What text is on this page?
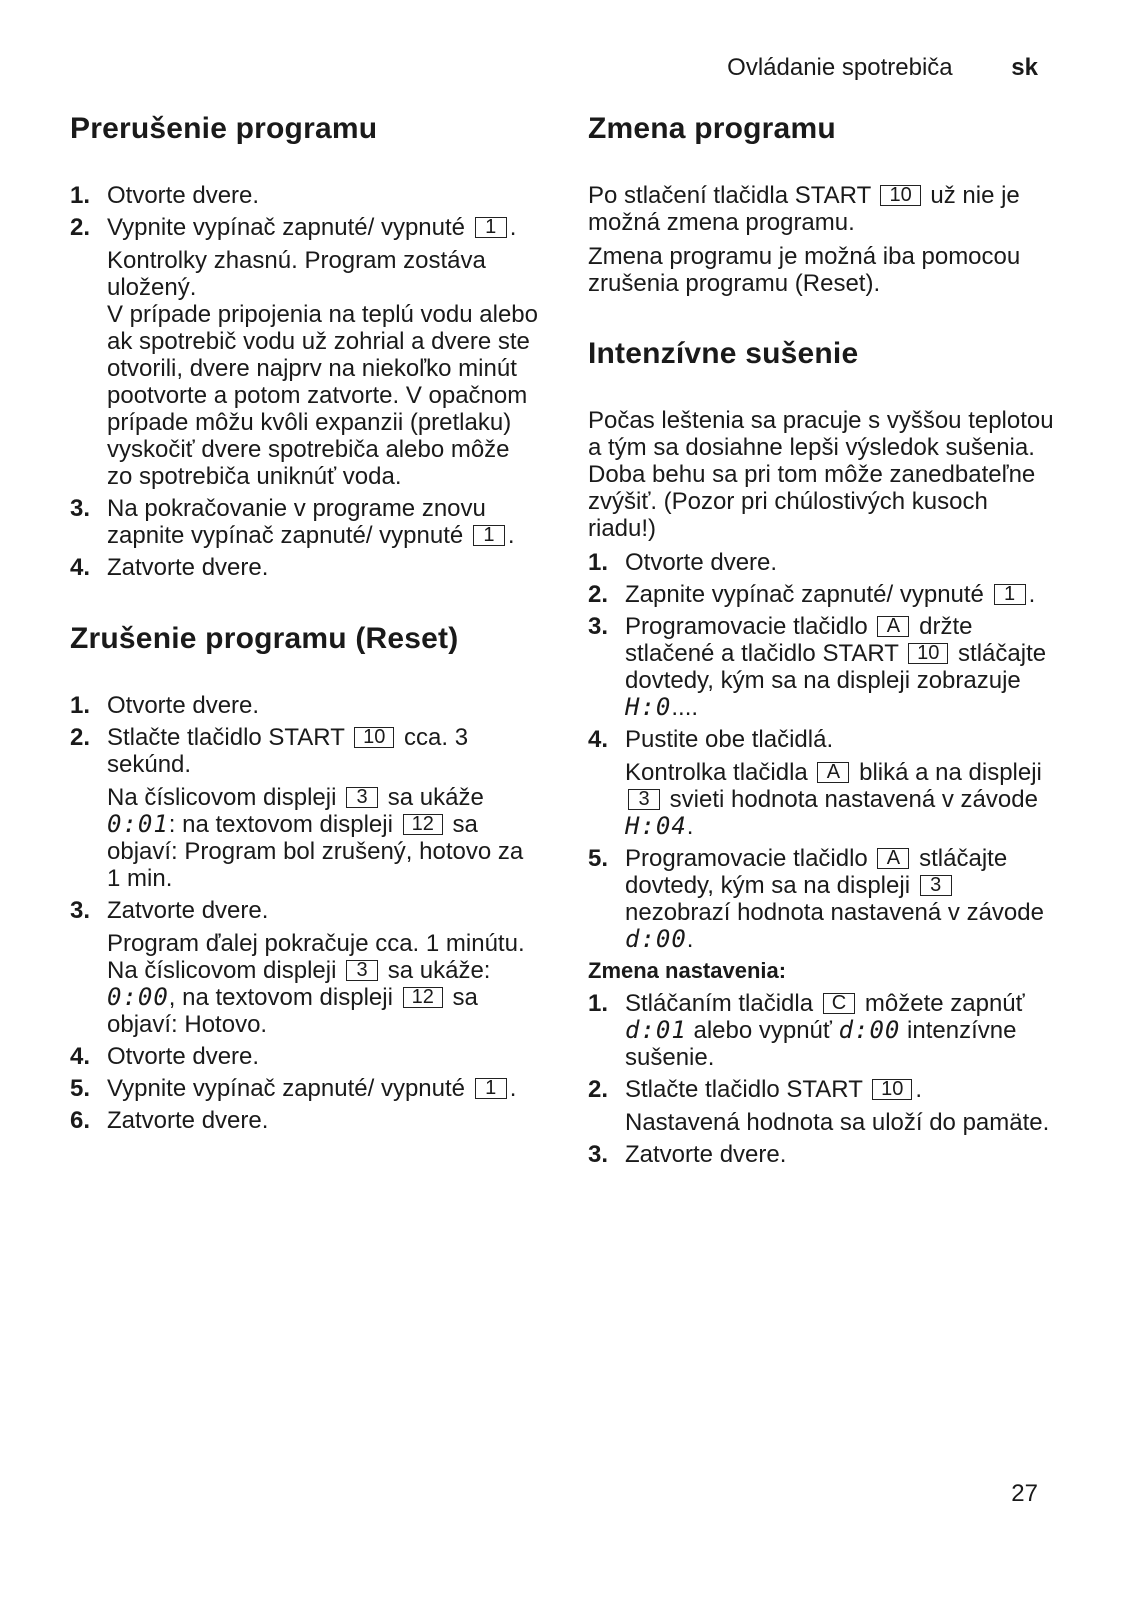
Ovládanie spotrebiča sk
Prerušenie programu
1. Otvorte dvere.
2. Vypnite vypínač zapnuté/ vypnuté 1 .
Kontrolky zhasnú. Program zostáva uložený.
V prípade pripojenia na teplú vodu alebo ak spotrebič vodu už zohrial a dvere ste otvorili, dvere najprv na niekoľko minút pootvorte a potom zatvorte. V opačnom prípade môžu kvôli expanzii (pretlaku) vyskočiť dvere spotrebiča alebo môže zo spotrebiča uniknúť voda.
3. Na pokračovanie v programe znovu zapnite vypínač zapnuté/ vypnuté 1 .
4. Zatvorte dvere.
Zrušenie programu (Reset)
1. Otvorte dvere.
2. Stlačte tlačidlo START 10 cca. 3 sekúnd.
Na číslicovom displeji 3 sa ukáže
0:01: na textovom displeji 12 sa objaví: Program bol zrušený, hotovo za 1 min.
3. Zatvorte dvere.
Program ďalej pokračuje cca. 1 minútu. Na číslicovom displeji 3 sa ukáže: 0:00, na textovom displeji 12 sa objaví: Hotovo.
4. Otvorte dvere.
5. Vypnite vypínač zapnuté/ vypnuté 1 .
6. Zatvorte dvere.
Zmena programu

Po stlačení tlačidla START 10 už nie je možná zmena programu.

Zmena programu je možná iba pomocou zrušenia programu (Reset).

Intenzívne sušenie

Počas leštenia sa pracuje s vyššou teplotou a tým sa dosiahne lepši výsledok sušenia. Doba behu sa pri tom môže zanedbateľne zvýšiť. (Pozor pri chúlostivých kusoch riadu!)

1. Otvorte dvere.
2. Zapnite vypínač zapnuté/ vypnuté 1 .
3. Programovacie tlačidlo A držte stlačené a tlačidlo START 10 stláčajte dovtedy, kým sa na displeji zobrazuje H:0....
4. Pustite obe tlačidlá.
Kontrolka tlačidla A bliká a na displeji 3 svieti hodnota nastavená v závode H:04.
5. Programovacie tlačidlo A stláčajte dovtedy, kým sa na displeji 3 nezobrazí hodnota nastavená v závode d:00.
Zmena nastavenia:
1. Stláčaním tlačidla C môžete zapnúť d:01 alebo vypnúť d:00 intenzívne sušenie.
2. Stlačte tlačidlo START 10 .
Nastavená hodnota sa uloží do pamäte.
3. Zatvorte dvere.
27
